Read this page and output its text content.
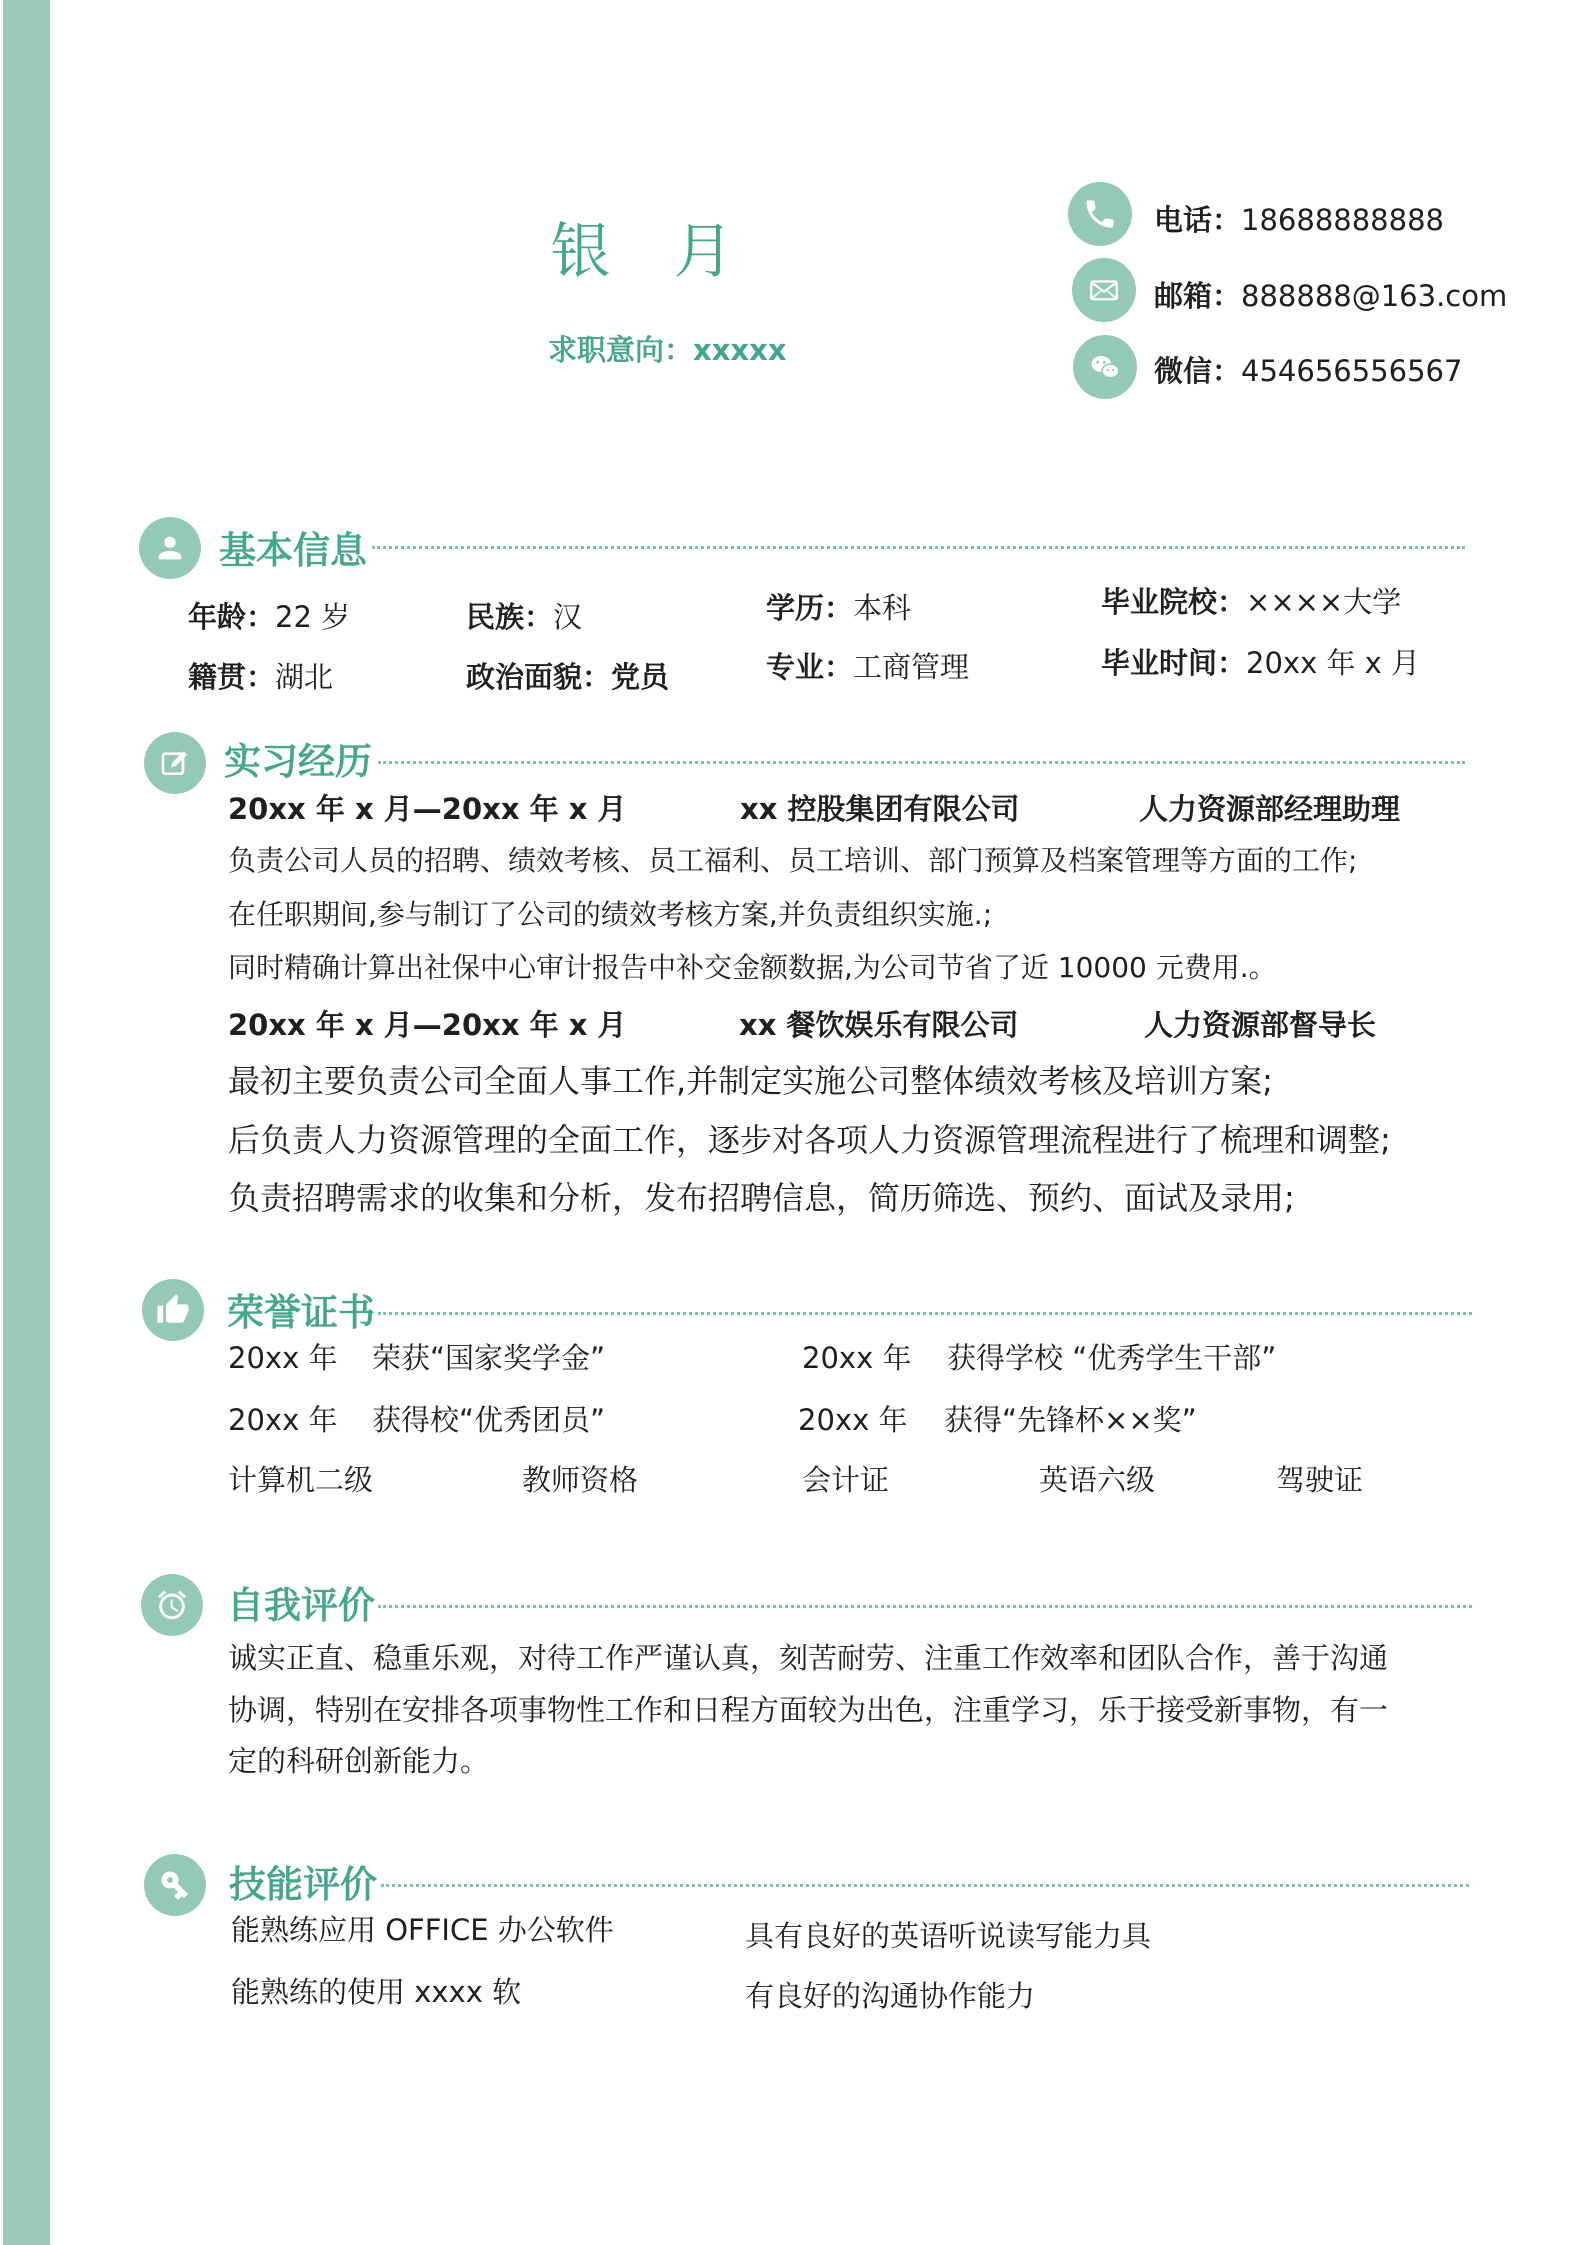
银 月
求职意向：xxxxx
电话：18688888888
邮箱：888888@163.com
微信：454656556567
基本信息
年龄：22 岁	民族：汉	学历：本科	毕业院校：××××大学
籍贯：湖北	政治面貌：党员	专业：工商管理	毕业时间：20xx 年 x 月
实习经历
20xx 年 x 月—20xx 年 x 月	xx 控股集团有限公司	人力资源部经理助理
负责公司人员的招聘、绩效考核、员工福利、员工培训、部门预算及档案管理等方面的工作;
在任职期间,参与制订了公司的绩效考核方案,并负责组织实施.;
同时精确计算出社保中心审计报告中补交金额数据,为公司节省了近 10000 元费用.。
20xx 年 x 月—20xx 年 x 月	xx 餐饮娱乐有限公司	人力资源部督导长
最初主要负责公司全面人事工作,并制定实施公司整体绩效考核及培训方案;
后负责人力资源管理的全面工作，逐步对各项人力资源管理流程进行了梳理和调整;
负责招聘需求的收集和分析，发布招聘信息，简历筛选、预约、面试及录用;
荣誉证书
20xx 年 荣获“国家奖学金”	20xx 年 获得学校 “优秀学生干部”
20xx 年 获得校“优秀团员”	20xx 年 获得“先锋杯××奖”
计算机二级	教师资格	会计证	英语六级	驾驶证
自我评价
诚实正直、稳重乐观，对待工作严谨认真，刻苦耐劳、注重工作效率和团队合作，善于沟通
协调，特别在安排各项事物性工作和日程方面较为出色，注重学习，乐于接受新事物，有一
定的科研创新能力。
技能评价
能熟练应用 OFFICE 办公软件	具有良好的英语听说读写能力具
能熟练的使用 xxxx 软	有良好的沟通协作能力
